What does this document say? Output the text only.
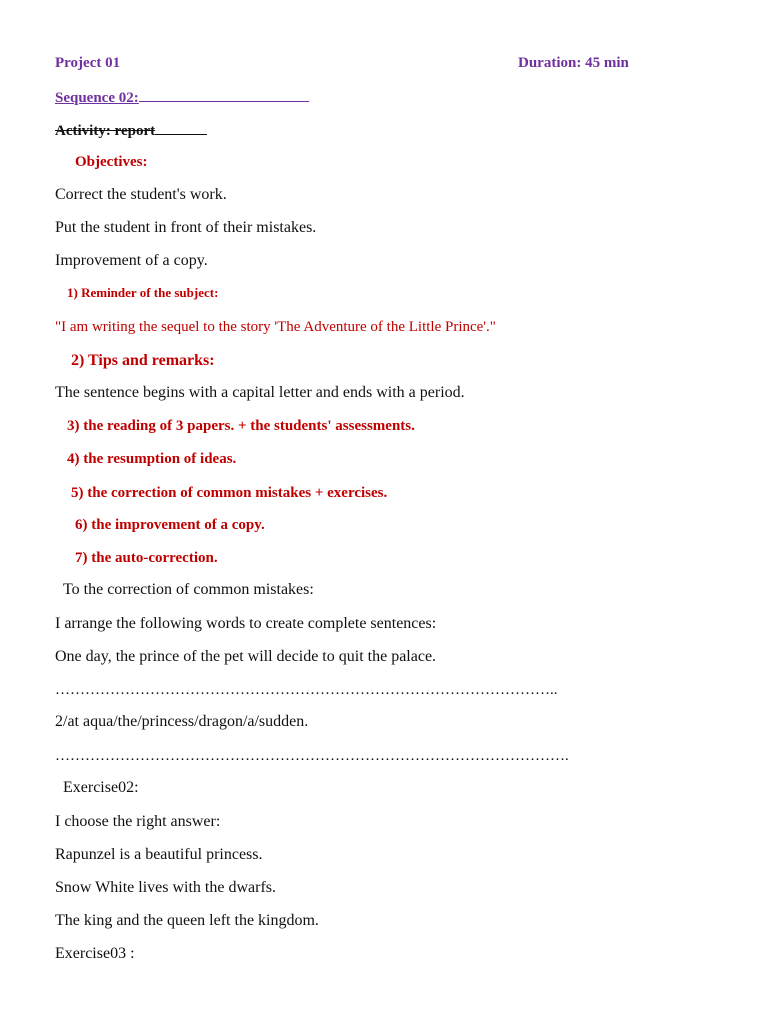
Project 01	Duration: 45 min
Sequence 02:
Activity: report
Objectives:
Correct the student's work.
Put the student in front of their mistakes.
Improvement of a copy.
1) Reminder of the subject:
"I am writing the sequel to the story 'The Adventure of the Little Prince'."
2) Tips and remarks:
The sentence begins with a capital letter and ends with a period.
3) the reading of 3 papers. + the students' assessments.
4) the resumption of ideas.
5) the correction of common mistakes + exercises.
6) the improvement of a copy.
7) the auto-correction.
To the correction of common mistakes:
I arrange the following words to create complete sentences:
One day, the prince of the pet will decide to quit the palace.
………………………………………………………………………………………..
2/at aqua/the/princess/dragon/a/sudden.
………………………………………………………………………………………….
Exercise02:
I choose the right answer:
Rapunzel is a beautiful princess.
Snow White lives with the dwarfs.
The king and the queen left the kingdom.
Exercise03 :
